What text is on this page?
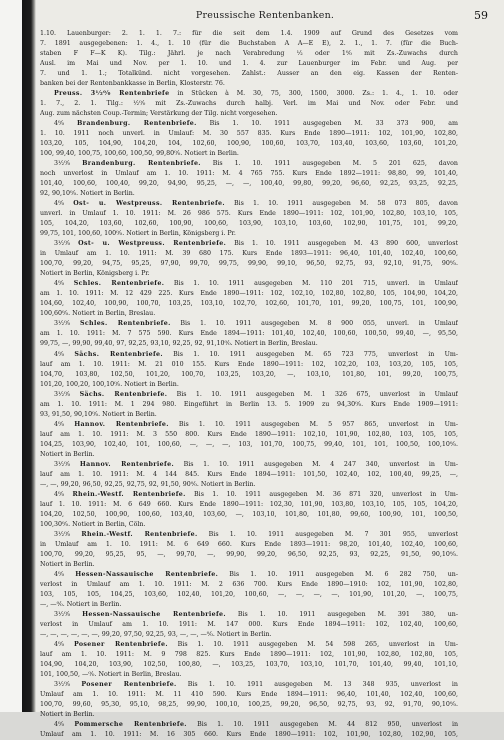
Preussische Rentenbanken.	59
1.10. Lauenburger: 2. 1. 1. 7.: für die seit dem 1.4. 1909 auf Grund des Gesetzes vom
7. 1891 ausgegebenen: 1. 4., 1. 10 (für die Buchstaben A A—E E), 2. 1., 1. 7. (für die Buch-
staben F F—K K). Tilg.: Jährl. je nach Verabredung ¹⁄₂ oder 1⁰⁄₀ mit Zs.-Zuwachs durch
Ausl. im Mai und Nov. per 1. 10. und 1. 4. zur Lauenburger im Febr. und Aug. per
7. und 1. 1.; Totalkünd. nicht vorgesehen. Zahlst.: Ausser an den eig. Kassen der Renten-
banken bei der Rentenbankkasse in Berlin, Klosterstr. 76.
Preuss. 3¹⁄₂⁰⁄₀ Rentenbriefe in Stücken à M. 30, 75, 300, 1500, 3000. Zs.: 1. 4., 1. 10. oder
1. 7., 2. 1. Tilg.: ¹⁄₂⁰⁄₀ mit Zs.-Zuwachs durch halbj. Verl. im Mai und Nov. oder Febr. und
Aug. zum nächsten Coup.-Termin; Verstärkung der Tilg. nicht vorgesehen.
4⁰⁄₀ Brandenburg. Rentenbriefe. Bis 1. 10. 1911 ausgegeben M. 33 373 900, am
1. 10. 1911 noch unverl. in Umlauf: M. 30 557 835. Kurs Ende 1890—1911: 102, 101,90, 102,80,
103,20, 105, 104,90, 104,20, 104, 102,60, 100,90, 100,60, 103,70, 103,40, 103,60, 103,60, 101,20,
100, 99,40, 100,75, 100,60, 100,50, 99,80⁰⁄₀. Notiert in Berlin.
3¹⁄₂⁰⁄₀ Brandenburg. Rentenbriefe. Bis 1. 10. 1911 ausgegeben M. 5 201 625, davon
noch unverlost in Umlauf am 1. 10. 1911: M. 4 765 755. Kurs Ende 1892—1911: 98,80, 99, 101,40,
101,40, 100,60, 100,40, 99,20, 94,90, 95,25, —, —, 100,40, 99,80, 99,20, 96,60, 92,25, 93,25, 92,25,
92, 90,10⁰⁄₀. Notiert in Berlin.
4⁰⁄₀ Ost- u. Westpreuss. Rentenbriefe. Bis 1. 10. 1911 ausgegeben M. 58 073 805, davon
unverl. in Umlauf 1. 10. 1911: M. 26 986 575. Kurs Ende 1890—1911: 102, 101,90, 102,80, 103,10, 105,
105, 104,20, 103,60, 102,60, 100,90, 100,60, 103,90, 103,10, 103,60, 102,90, 101,75, 101, 99,20,
99,75, 101, 100,60, 100⁰⁄₀. Notiert in Berlin, Königsberg i. Pr.
3¹⁄₂⁰⁄₀ Ost- u. Westpreuss. Rentenbriefe. Bis 1. 10. 1911 ausgegeben M. 43 890 600, unverlost
in Umlauf am 1. 10. 1911: M. 39 680 175. Kurs Ende 1893—1911: 96,40, 101,40, 102,40, 100,60,
100,70, 99,20, 94,75, 95,25, 97,90, 99,70, 99,75, 99,90, 99,10, 96,50, 92,75, 93, 92,10, 91,75, 90⁰⁄₀.
Notiert in Berlin, Königsberg i. Pr.
4⁰⁄₀ Schles. Rentenbriefe. Bis 1. 10. 1911 ausgegeben M. 110 201 715, unverl. in Umlauf
am 1. 10. 1911: M. 12 429 225. Kurs Ende 1890—1911: 102, 102,10, 102,80, 102,80, 105, 104,90, 104,20,
104,60, 102,40, 100,90, 100,70, 103,25, 103,10, 102,70, 102,60, 101,70, 101, 99,20, 100,75, 101, 100,90,
100,60⁰⁄₀. Notiert in Berlin, Breslau.
3¹⁄₂⁰⁄₀ Schles. Rentenbriefe. Bis 1. 10. 1911 ausgegeben M. 8 900 055, unverl. in Umlauf
am 1. 10. 1911: M. 7 575 590. Kurs Ende 1894—1911: 101,40, 102,40, 100,60, 100,50, 99,40, —, 95,50,
99,75, —, 99,90, 99,40, 97, 92,25, 93,10, 92,25, 92, 91,10⁰⁄₀. Notiert in Berlin, Breslau.
4⁰⁄₀ Sächs. Rentenbriefe. Bis 1. 10. 1911 ausgegeben M. 65 723 775, unverlost in Um-
lauf am 1. 10. 1911: M. 21 010 155. Kurs Ende 1890—1911: 102, 102,20, 103, 103,20, 105, 105,
104,70, 103,80, 102,50, 101,20, 100,70, 103,25, 103,20, —, 103,10, 101,80, 101, 99,20, 100,75,
101,20, 100,20, 100,10⁰⁄₀. Notiert in Berlin.
3¹⁄₂⁰⁄₀ Sächs. Rentenbriefe. Bis 1. 10. 1911 ausgegeben M. 1 326 675, unverlost in Umlauf
am 1. 10. 1911: M. 1 294 980. Eingeführt in Berlin 13. 5. 1909 zu 94,30⁰⁄₀. Kurs Ende 1909—1911:
93, 91,50, 90,10⁰⁄₀. Notiert in Berlin.
4⁰⁄₀ Hannov. Rentenbriefe. Bis 1. 10. 1911 ausgegeben M. 5 957 865, unverlost in Um-
lauf am 1. 10. 1911: M. 3 550 800. Kurs Ende 1890—1911: 102,10, 101,90, 102,80, 103, 105, 105,
104,25, 103,90, 102,40, 101, 100,60, —, —, —, 103, 101,70, 100,75, 99,40, 101, 101, 100,50, 100,10⁰⁄₀.
Notiert in Berlin.
3¹⁄₂⁰⁄₀ Hannov. Rentenbriefe. Bis 1. 10. 1911 ausgegeben M. 4 247 340, unverlost in Um-
lauf am 1. 10. 1911: M. 4 144 845. Kurs Ende 1894—1911: 101,50, 102,40, 102, 100,40, 99,25, —,
—, —, 99,20, 96,50, 92,25, 92,75, 92, 91,50, 90⁰⁄₀. Notiert in Berlin.
4⁰⁄₀ Rhein.-Westf. Rentenbriefe. Bis 1. 10. 1911 ausgegeben M. 36 871 320, unverlost in Um-
lauf 1. 10. 1911: M. 6 649 660. Kurs Ende 1890—1911: 102,30, 101,90, 103,80, 103,10, 105, 105, 104,20,
104,20, 102,50, 100,90, 100,60, 103,40, 103,60, —, 103,10, 101,80, 101,80, 99,60, 100,90, 101, 100,50,
100,30⁰⁄₀. Notiert in Berlin, Cöln.
3¹⁄₂⁰⁄₀ Rhein.-Westf. Rentenbriefe. Bis 1. 10. 1911 ausgegeben M. 7 301 955, unverlost
in Umlauf am 1. 10. 1911: M. 6 649 660. Kurs Ende 1893—1911: 98,20, 101,40, 102,40, 100,60,
100,70, 99,20, 95,25, 95, —, 99,70, —, 99,90, 99,20, 96,50, 92,25, 93, 92,25, 91,50, 90,10⁰⁄₀.
Notiert in Berlin.
4⁰⁄₀ Hessen-Nassauische Rentenbriefe. Bis 1. 10. 1911 ausgegeben M. 6 282 750, un-
verlost in Umlauf am 1. 10. 1911: M. 2 636 700. Kurs Ende 1890—1910: 102, 101,90, 102,80,
103, 105, 105, 104,25, 103,60, 102,40, 101,20, 100,60, —, —, —, —, 101,90, 101,20, —, 100,75,
—, —⁰⁄₀. Notiert in Berlin.
3¹⁄₂⁰⁄₀ Hessen-Nassauische Rentenbriefe. Bis 1. 10. 1911 ausgegeben M. 391 380, un-
verlost in Umlauf am 1. 10. 1911: M. 147 000. Kurs Ende 1894—1911: 102, 102,40, 100,60,
—, —, —, —, —, —, 99,20, 97,50, 92,25, 93, —, —, —⁰⁄₀. Notiert in Berlin.
4⁰⁄₀ Posener Rentenbriefe. Bis 1. 10. 1911 ausgegeben M. 54 598 265, unverlost in Um-
lauf am 1. 10. 1911: M. 9 798 825. Kurs Ende 1890—1911: 102, 101,90, 102,80, 102,80, 105,
104,90, 104,20, 103,90, 102,50, 100,80, —, 103,25, 103,70, 103,10, 101,70, 101,40, 99,40, 101,10,
101, 100,50, —⁰⁄₀. Notiert in Berlin, Breslau.
3¹⁄₂⁰⁄₀ Posener Rentenbriefe. Bis 1. 10. 1911 ausgegeben M. 13 348 935, unverlost in
Umlauf am 1. 10. 1911: M. 11 410 590. Kurs Ende 1894—1911: 96,40, 101,40, 102,40, 100,60,
100,70, 99,60, 95,30, 95,10, 98,25, 99,90, 100,10, 100,25, 99,20, 96,50, 92,75, 93, 92, 91,70, 90,10⁰⁄₀.
Notiert in Berlin.
4⁰⁄₀ Pommersche Rentenbriefe. Bis 1. 10. 1911 ausgegeben M. 44 812 950, unverlost in
Umlauf am 1. 10. 1911: M. 16 305 660. Kurs Ende 1890—1911: 102, 101,90, 102,80, 102,90, 105,
